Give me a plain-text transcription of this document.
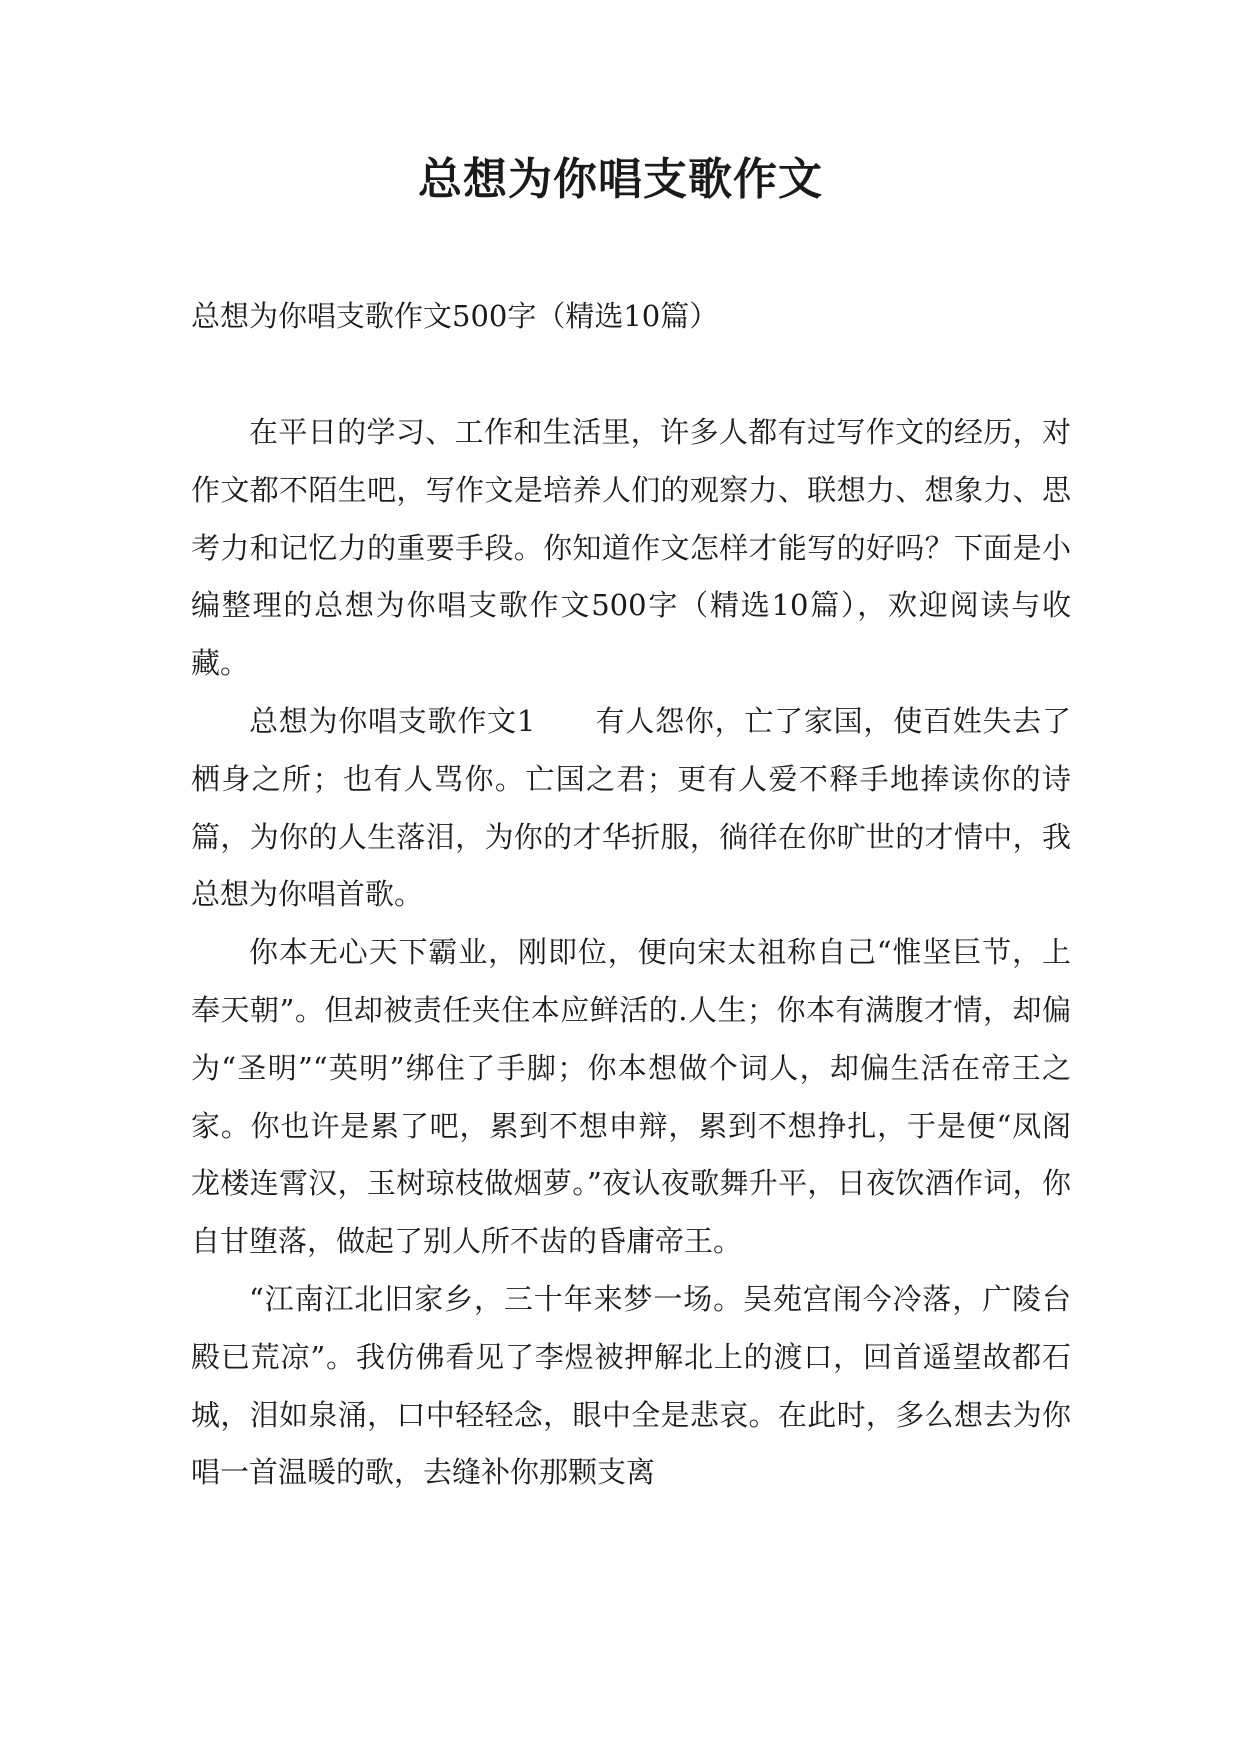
总想为你唱支歌作文

总想为你唱支歌作文500字（精选10篇）

在平日的学习、工作和生活里，许多人都有过写作文的经历，对作文都不陌生吧，写作文是培养人们的观察力、联想力、想象力、思考力和记忆力的重要手段。你知道作文怎样才能写的好吗？下面是小编整理的总想为你唱支歌作文500字（精选10篇），欢迎阅读与收藏。

总想为你唱支歌作文1　　有人怨你，亡了家国，使百姓失去了栖身之所；也有人骂你。亡国之君；更有人爱不释手地捧读你的诗篇，为你的人生落泪，为你的才华折服，徜徉在你旷世的才情中，我总想为你唱首歌。

你本无心天下霸业，刚即位，便向宋太祖称自己“惟坚巨节，上奉天朝”。但却被责任夹住本应鲜活的.人生；你本有满腹才情，却偏为“圣明”“英明”绑住了手脚；你本想做个词人，却偏生活在帝王之家。你也许是累了吧，累到不想申辩，累到不想挣扎，于是便“凤阁龙楼连霄汉，玉树琼枝做烟萝。”夜认夜歌舞升平，日夜饮酒作词，你自甘堕落，做起了别人所不齿的昏庸帝王。

“江南江北旧家乡，三十年来梦一场。吴苑宫闱今冷落，广陵台殿已荒凉”。我仿佛看见了李煜被押解北上的渡口，回首遥望故都石城，泪如泉涌，口中轻轻念，眼中全是悲哀。在此时，多么想去为你唱一首温暖的歌，去缝补你那颗支离
